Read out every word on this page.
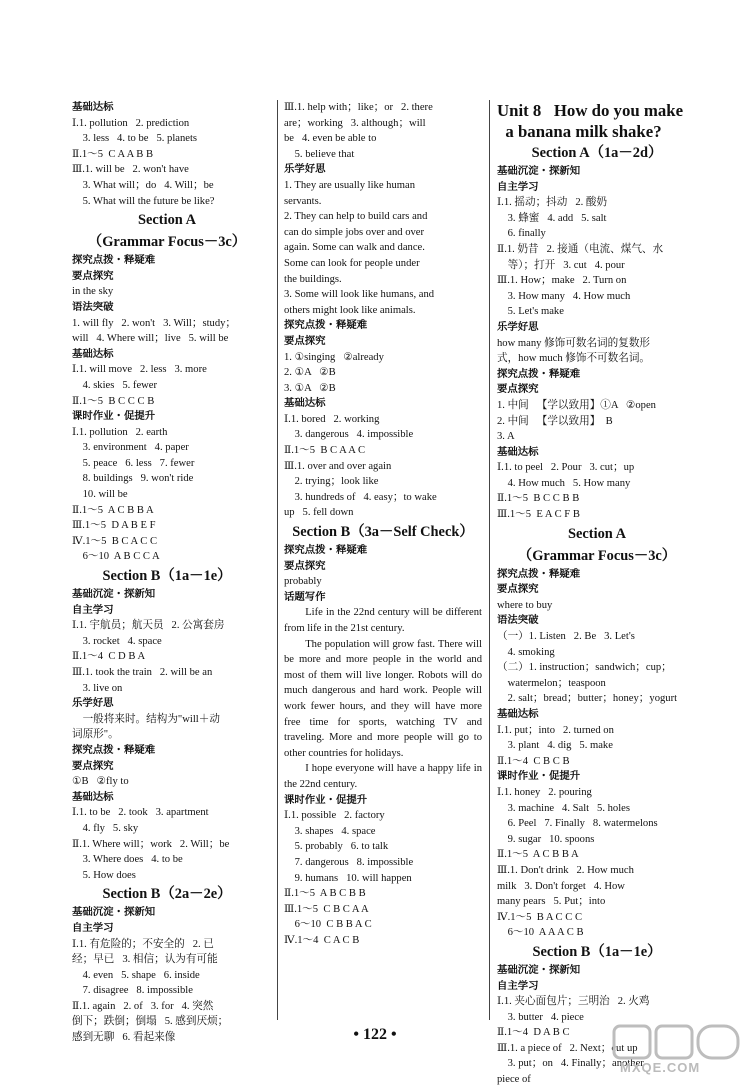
基础达标
Ⅰ.1. pollution   2. prediction
3. less   4. to be   5. planets
Ⅱ.1～5  C A A B B
Ⅲ.1. will be   2. won't have
3. What will；do   4. Will；be
5. What will the future be like?
Section A
（Grammar Focus－3c）
探究点拨・释疑难
要点探究
in the sky
语法突破
1. will fly   2. won't   3. Will；study；
will   4. Where will；live   5. will be
基础达标
Ⅰ.1. will move   2. less   3. more
4. skies   5. fewer
Ⅱ.1～5  B C C C B
课时作业・促提升
Ⅰ.1. pollution   2. earth
3. environment   4. paper
5. peace   6. less   7. fewer
8. buildings   9. won't ride
10. will be
Ⅱ.1～5  A C B B A
Ⅲ.1～5  D A B E F
Ⅳ.1～5  B C A C C
6～10  A B C C A
Section B（1a－1e）
基础沉淀・探新知
自主学习
Ⅰ.1. 宇航员；航天员   2. 公寓套房
3. rocket   4. space
Ⅱ.1～4  C D B A
Ⅲ.1. took the train   2. will be an
3. live on
乐学好思
一般将来时。结构为"will＋动
词原形"。
探究点拨・释疑难
要点探究
①B   ②fly to
基础达标
Ⅰ.1. to be   2. took   3. apartment
4. fly   5. sky
Ⅱ.1. Where will；work   2. Will；be
3. Where does   4. to be
5. How does
Section B（2a－2e）
基础沉淀・探新知
自主学习
Ⅰ.1. 有危险的；不安全的   2. 已
经；早已   3. 相信；认为有可能
4. even   5. shape   6. inside
7. disagree   8. impossible
Ⅱ.1. again   2. of   3. for   4. 突然
倒下；跌倒；倒塌   5. 感到厌烦；
感到无聊   6. 看起来像
Ⅲ.1. help with；like；or   2. there
are；working   3. although；will
be   4. even be able to
5. believe that
乐学好思
1. They are usually like human
servants.
2. They can help to build cars and
can do simple jobs over and over
again. Some can walk and dance.
Some can look for people under
the buildings.
3. Some will look like humans, and
others might look like animals.
探究点拨・释疑难
要点探究
1. ①singing   ②already
2. ①A   ②B
3. ①A   ②B
基础达标
Ⅰ.1. bored   2. working
3. dangerous   4. impossible
Ⅱ.1～5  B C A A C
Ⅲ.1. over and over again
2. trying；look like
3. hundreds of   4. easy；to wake
up   5. fell down
Section B（3a－Self Check）
探究点拨・释疑难
要点探究
probably
话题写作
Life in the 22nd century will be different from life in the 21st century.
The population will grow fast. There will be more and more people in the world and most of them will live longer. Robots will do much dangerous and hard work. People will work fewer hours, and they will have more free time for sports, watching TV and traveling. More and more people will go to other countries for holidays.
I hope everyone will have a happy life in the 22nd century.
课时作业・促提升
Ⅰ.1. possible   2. factory
3. shapes   4. space
5. probably   6. to talk
7. dangerous   8. impossible
9. humans   10. will happen
Ⅱ.1～5  A B C B B
Ⅲ.1～5  C B C A A
6～10  C B B A C
Ⅳ.1～4  C A C B
Unit 8   How do you make
a banana milk shake?
Section A（1a－2d）
基础沉淀・探新知
自主学习
Ⅰ.1. 摇动；抖动   2. 酸奶
3. 蜂蜜   4. add   5. salt
6. finally
Ⅱ.1. 奶昔   2. 接通（电流、煤气、水
等）；打开   3. cut   4. pour
Ⅲ.1. How；make   2. Turn on
3. How many   4. How much
5. Let's make
乐学好思
how many 修饰可数名词的复数形
式，how much 修饰不可数名词。
探究点拨・释疑难
要点探究
1. 中间   【学以致用】①A   ②open
2. 中间   【学以致用】  B
3. A
基础达标
Ⅰ.1. to peel   2. Pour   3. cut；up
4. How much   5. How many
Ⅱ.1～5  B C C B B
Ⅲ.1～5  E A C F B
Section A
（Grammar Focus－3c）
探究点拨・释疑难
要点探究
where to buy
语法突破
（一）1. Listen   2. Be   3. Let's
4. smoking
（二）1. instruction；sandwich；cup；
watermelon；teaspoon
2. salt；bread；butter；honey；yogurt
基础达标
Ⅰ.1. put；into   2. turned on
3. plant   4. dig   5. make
Ⅱ.1～4  C B C B
课时作业・促提升
Ⅰ.1. honey   2. pouring
3. machine   4. Salt   5. holes
6. Peel   7. Finally   8. watermelons
9. sugar   10. spoons
Ⅱ.1～5  A C B B A
Ⅲ.1. Don't drink   2. How much
milk   3. Don't forget   4. How
many pears   5. Put；into
Ⅳ.1～5  B A C C C
6～10  A A A C B
Section B（1a－1e）
基础沉淀・探新知
自主学习
Ⅰ.1. 夹心面包片；三明治   2. 火鸡
3. butter   4. piece
Ⅱ.1～4  D A B C
Ⅲ.1. a piece of   2. Next；cut up
3. put；on   4. Finally；another
piece of
• 122 •
MXQE.COM
